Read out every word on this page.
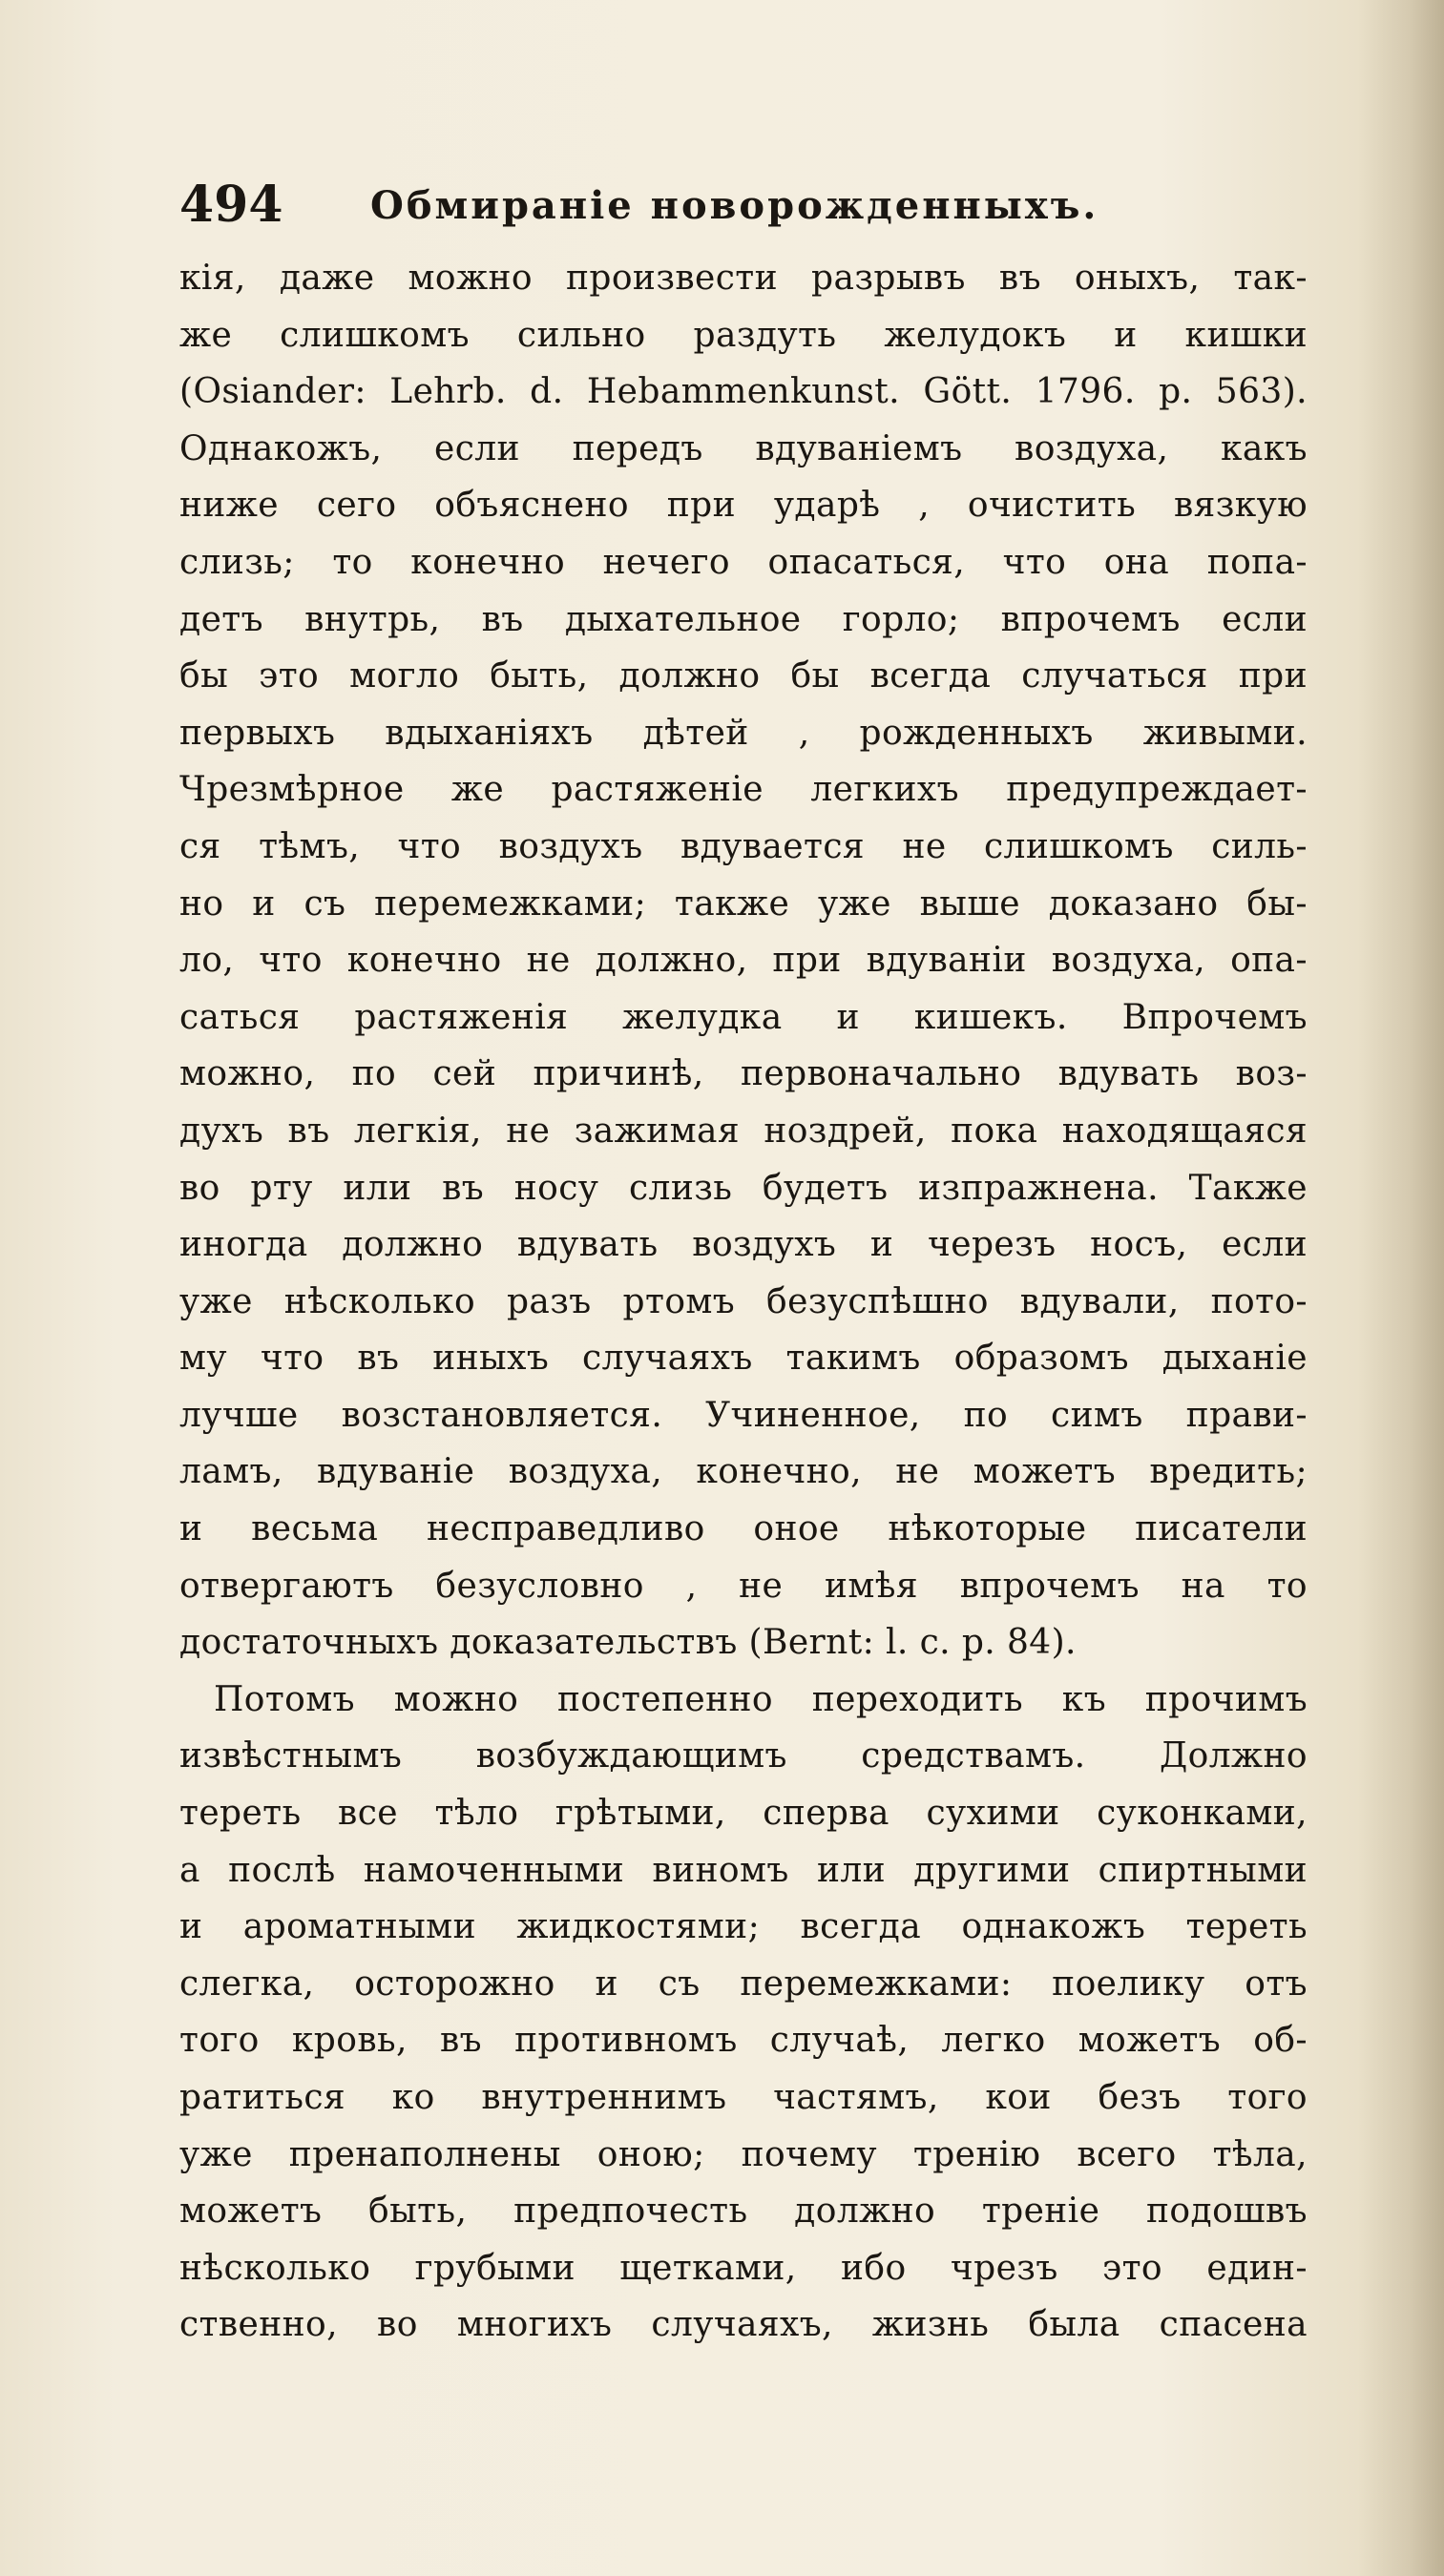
494 Обмиранiе новорожденныхъ.
кiя, даже можно произвести разрывъ въ оныхъ, так-
же слишкомъ сильно раздуть желудокъ и кишки
(Osiander: Lehrb. d. Hebammenkunst. Gött. 1796. p. 563).
Однакожъ, если передъ вдуванiемъ воздуха, какъ
ниже сего объяснено при ударѣ , очистить вязкую
слизь; то конечно нечего опасаться, что она попа-
детъ внутрь, въ дыхательное горло; впрочемъ если
бы это могло быть, должно бы всегда случаться при
первыхъ вдыханiяхъ дѣтей , рожденныхъ живыми.
Чрезмѣрное же растяженiе легкихъ предупреждает-
ся тѣмъ, что воздухъ вдувается не слишкомъ силь-
но и съ перемежками; также уже выше доказано бы-
ло, что конечно не должно, при вдуванiи воздуха, опа-
саться растяженiя желудка и кишекъ. Впрочемъ
можно, по сей причинѣ, первоначально вдувать воз-
духъ въ легкiя, не зажимая ноздрей, пока находящаяся
во рту или въ носу слизь будетъ изпражнена. Также
иногда должно вдувать воздухъ и черезъ носъ, если
уже нѣсколько разъ ртомъ безуспѣшно вдували, пото-
му что въ иныхъ случаяхъ такимъ образомъ дыханiе
лучше возстановляется. Учиненное, по симъ прави-
ламъ, вдуванiе воздуха, конечно, не можетъ вредить;
и весьма несправедливо оное нѣкоторые писатели
отвергаютъ безусловно , не имѣя впрочемъ на то
достаточныхъ доказательствъ (Bernt: l. c. p. 84).
Потомъ можно постепенно переходить къ прочимъ
извѣстнымъ возбуждающимъ средствамъ. Должно
тереть все тѣло грѣтыми, сперва сухими суконками,
а послѣ намоченными виномъ или другими спиртными
и ароматными жидкостями; всегда однакожъ тереть
слегка, осторожно и съ перемежками: поелику отъ
того кровь, въ противномъ случаѣ, легко можетъ об-
ратиться ко внутреннимъ частямъ, кои безъ того
уже пренаполнены оною; почему тренiю всего тѣла,
можетъ быть, предпочесть должно тренiе подошвъ
нѣсколько грубыми щетками, ибо чрезъ это един-
ственно, во многихъ случаяхъ, жизнь была спасена
